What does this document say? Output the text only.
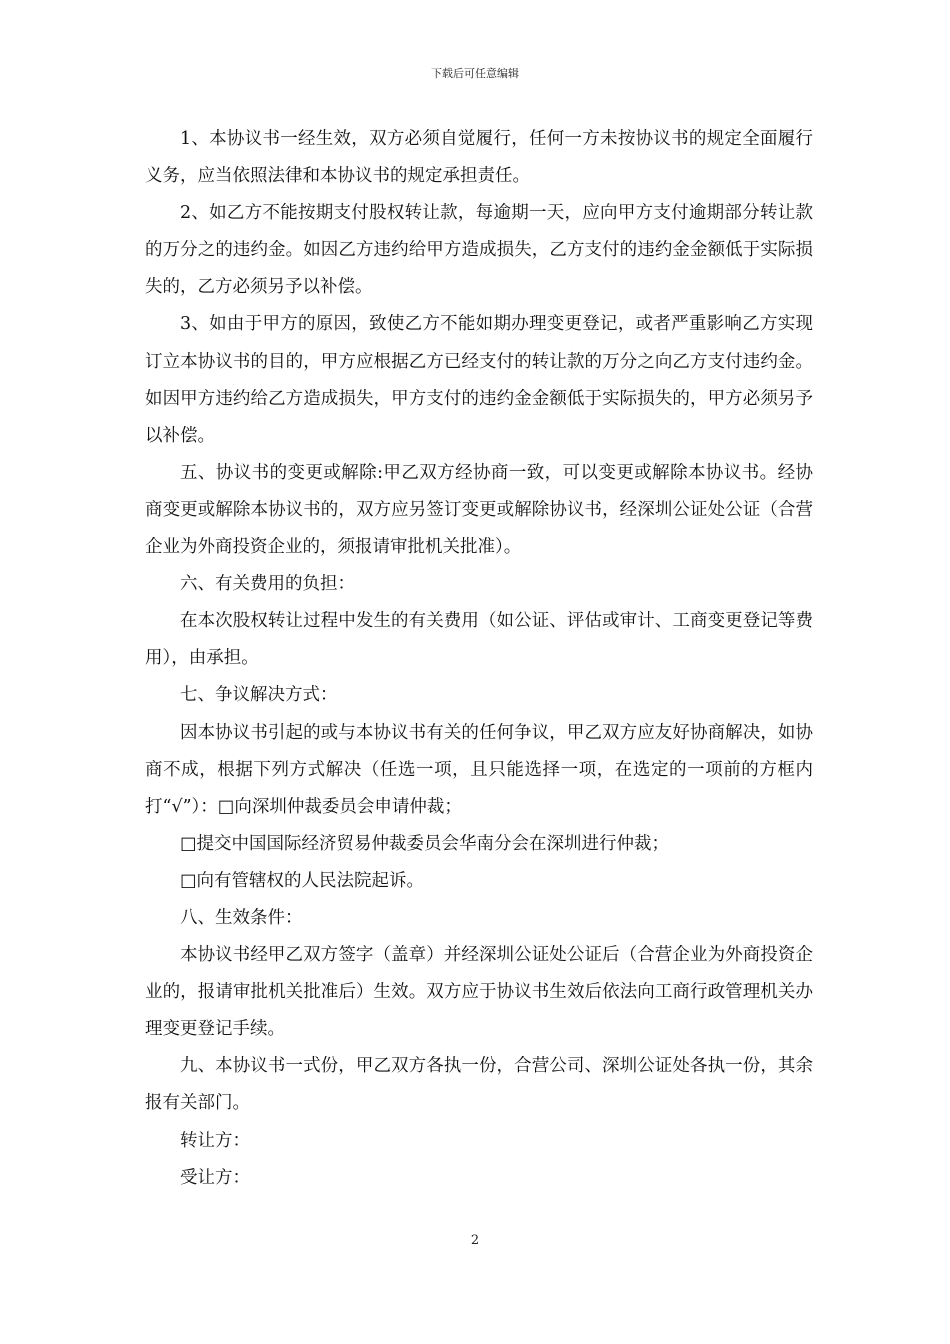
下载后可任意编辑

1、本协议书一经生效，双方必须自觉履行，任何一方未按协议书的规定全面履行义务，应当依照法律和本协议书的规定承担责任。

2、如乙方不能按期支付股权转让款，每逾期一天，应向甲方支付逾期部分转让款的万分之的违约金。如因乙方违约给甲方造成损失，乙方支付的违约金金额低于实际损失的，乙方必须另予以补偿。

3、如由于甲方的原因，致使乙方不能如期办理变更登记，或者严重影响乙方实现订立本协议书的目的，甲方应根据乙方已经支付的转让款的万分之向乙方支付违约金。如因甲方违约给乙方造成损失，甲方支付的违约金金额低于实际损失的，甲方必须另予以补偿。

五、协议书的变更或解除:甲乙双方经协商一致，可以变更或解除本协议书。经协商变更或解除本协议书的，双方应另签订变更或解除协议书，经深圳公证处公证（合营企业为外商投资企业的，须报请审批机关批准）。

六、有关费用的负担：

在本次股权转让过程中发生的有关费用（如公证、评估或审计、工商变更登记等费用），由承担。

七、争议解决方式：

因本协议书引起的或与本协议书有关的任何争议，甲乙双方应友好协商解决，如协商不成，根据下列方式解决（任选一项，且只能选择一项，在选定的一项前的方框内打“√”）：□向深圳仲裁委员会申请仲裁；

□提交中国国际经济贸易仲裁委员会华南分会在深圳进行仲裁；

□向有管辖权的人民法院起诉。

八、生效条件：

本协议书经甲乙双方签字（盖章）并经深圳公证处公证后（合营企业为外商投资企业的，报请审批机关批准后）生效。双方应于协议书生效后依法向工商行政管理机关办理变更登记手续。

九、本协议书一式份，甲乙双方各执一份，合营公司、深圳公证处各执一份，其余报有关部门。

转让方：

受让方：

2
